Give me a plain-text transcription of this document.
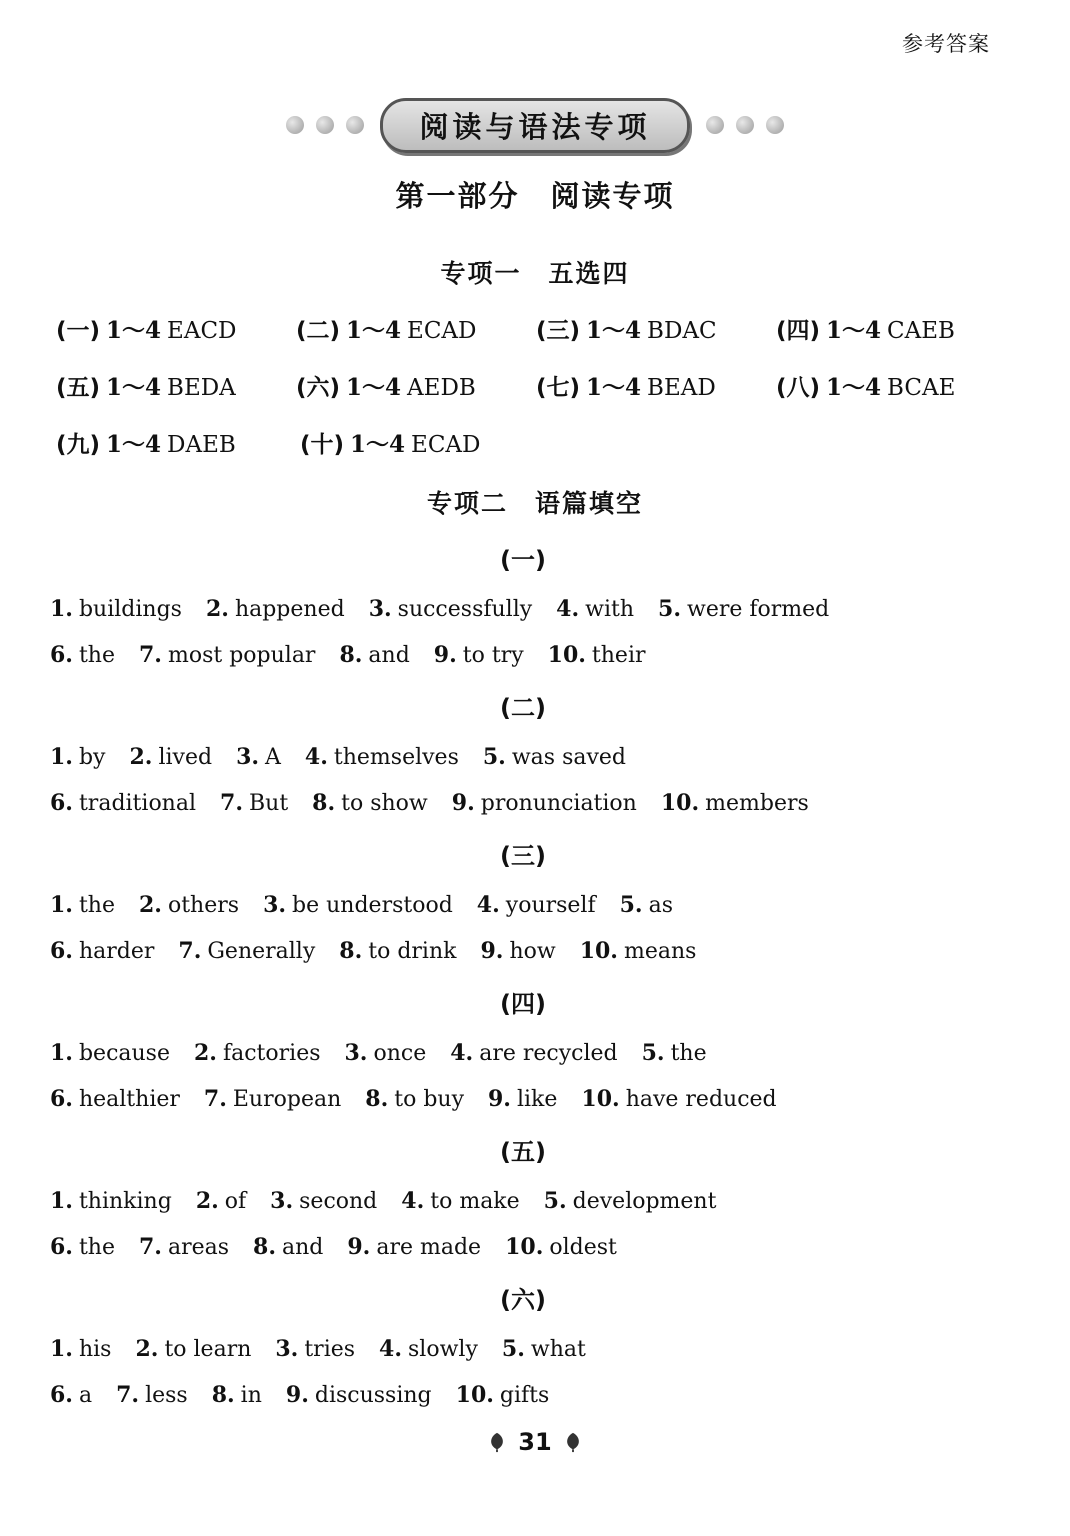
参考答案
阅读与语法专项
第一部分　阅读专项
专项一　五选四
(一) 1～4 EACD	(二) 1～4 ECAD	(三) 1～4 BDAC	(四) 1～4 CAEB
(五) 1～4 BEDA	(六) 1～4 AEDB	(七) 1～4 BEAD	(八) 1～4 BCAE
(九) 1～4 DAEB	(十) 1～4 ECAD
专项二　语篇填空
(一)
1. buildings 2. happened 3. successfully 4. with 5. were formed
6. the 7. most popular 8. and 9. to try 10. their
(二)
1. by 2. lived 3. A 4. themselves 5. was saved
6. traditional 7. But 8. to show 9. pronunciation 10. members
(三)
1. the 2. others 3. be understood 4. yourself 5. as
6. harder 7. Generally 8. to drink 9. how 10. means
(四)
1. because 2. factories 3. once 4. are recycled 5. the
6. healthier 7. European 8. to buy 9. like 10. have reduced
(五)
1. thinking 2. of 3. second 4. to make 5. development
6. the 7. areas 8. and 9. are made 10. oldest
(六)
1. his 2. to learn 3. tries 4. slowly 5. what
6. a 7. less 8. in 9. discussing 10. gifts
31
